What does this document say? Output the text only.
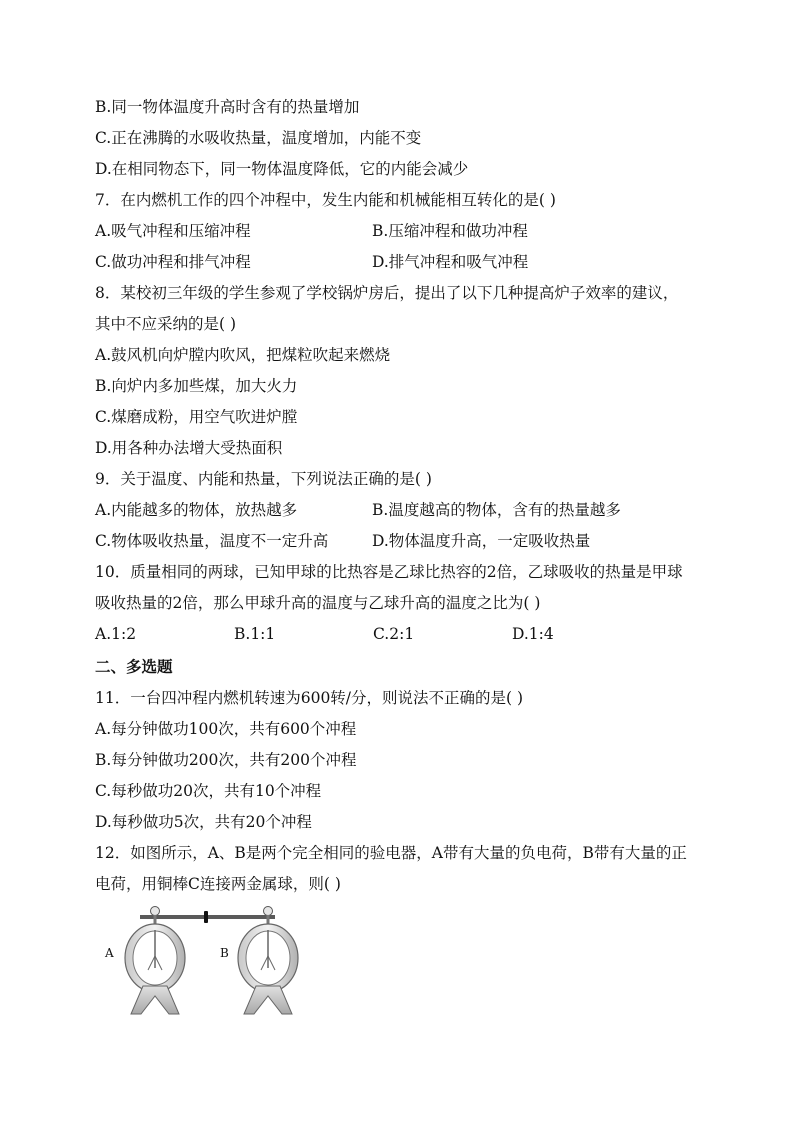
B.同一物体温度升高时含有的热量增加
C.正在沸腾的水吸收热量，温度增加，内能不变
D.在相同物态下，同一物体温度降低，它的内能会减少
7．在内燃机工作的四个冲程中，发生内能和机械能相互转化的是( )
A.吸气冲程和压缩冲程	B.压缩冲程和做功冲程
C.做功冲程和排气冲程	D.排气冲程和吸气冲程
8．某校初三年级的学生参观了学校锅炉房后，提出了以下几种提高炉子效率的建议，
其中不应采纳的是( )
A.鼓风机向炉膛内吹风，把煤粒吹起来燃烧
B.向炉内多加些煤，加大火力
C.煤磨成粉，用空气吹进炉膛
D.用各种办法增大受热面积
9．关于温度、内能和热量，下列说法正确的是( )
A.内能越多的物体，放热越多	B.温度越高的物体，含有的热量越多
C.物体吸收热量，温度不一定升高	D.物体温度升高，一定吸收热量
10．质量相同的两球，已知甲球的比热容是乙球比热容的2倍，乙球吸收的热量是甲球
吸收热量的2倍，那么甲球升高的温度与乙球升高的温度之比为( )
A.1:2	B.1:1	C.2:1	D.1:4
二、多选题
11．一台四冲程内燃机转速为600转/分，则说法不正确的是( )
A.每分钟做功100次，共有600个冲程
B.每分钟做功200次，共有200个冲程
C.每秒做功20次，共有10个冲程
D.每秒做功5次，共有20个冲程
12．如图所示，A、B是两个完全相同的验电器，A带有大量的负电荷，B带有大量的正
电荷，用铜棒C连接两金属球，则( )
A	B
